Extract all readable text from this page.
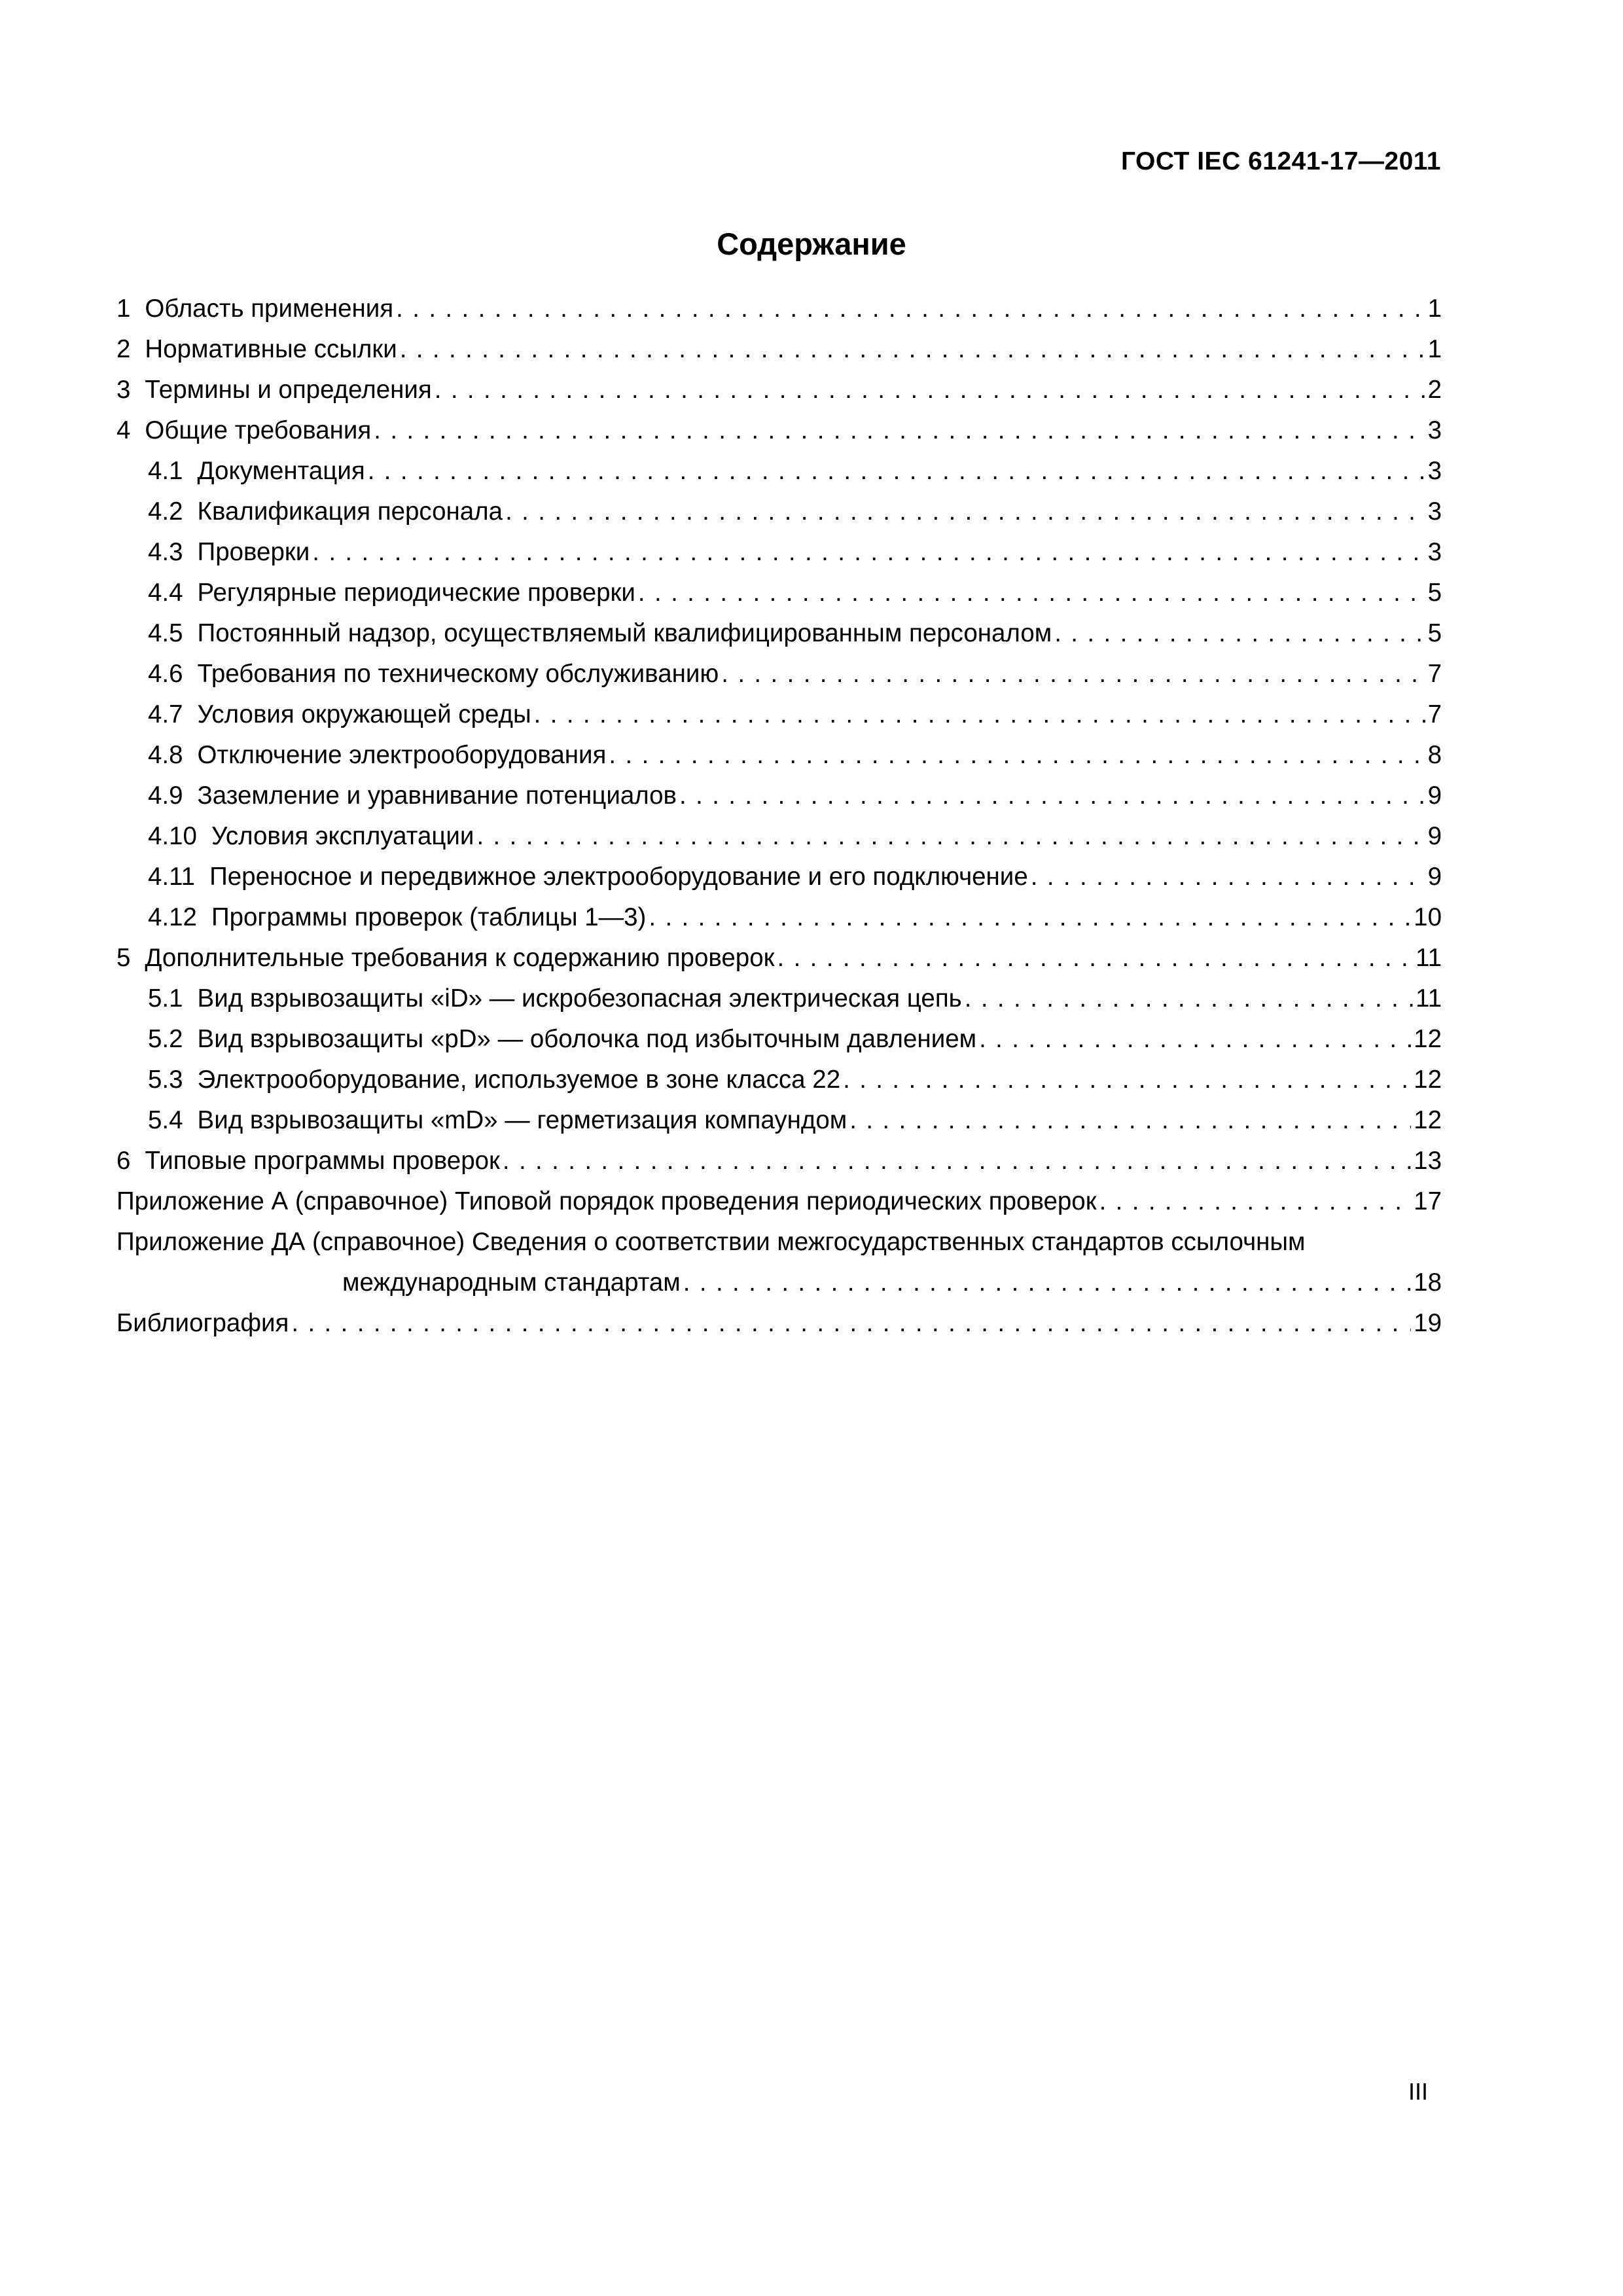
ГОСТ IEC 61241-17—2011
Содержание
1 Область применения . . .	1
2 Нормативные ссылки . . .	1
3 Термины и определения . . .	2
4 Общие требования . . .	3
4.1 Документация . . .	3
4.2 Квалификация персонала . . .	3
4.3 Проверки . . .	3
4.4 Регулярные периодические проверки . . .	5
4.5 Постоянный надзор, осуществляемый квалифицированным персоналом . . .	5
4.6 Требования по техническому обслуживанию . . .	7
4.7 Условия окружающей среды . . .	7
4.8 Отключение электрооборудования . . .	8
4.9 Заземление и уравнивание потенциалов . . .	9
4.10 Условия эксплуатации . . .	9
4.11 Переносное и передвижное электрооборудование и его подключение . . .	9
4.12 Программы проверок (таблицы 1—3) . . .	10
5 Дополнительные требования к содержанию проверок . . .	11
5.1 Вид взрывозащиты «iD» — искробезопасная электрическая цепь . . .	11
5.2 Вид взрывозащиты «pD» — оболочка под избыточным давлением . . .	12
5.3 Электрооборудование, используемое в зоне класса 22 . . .	12
5.4 Вид взрывозащиты «mD» — герметизация компаундом . . .	12
6 Типовые программы проверок . . .	13
Приложение А (справочное) Типовой порядок проведения периодических проверок . . .	17
Приложение ДА (справочное) Сведения о соответствии межгосударственных стандартов ссылочным
международным стандартам . . .	18
Библиография . . .	19
III
